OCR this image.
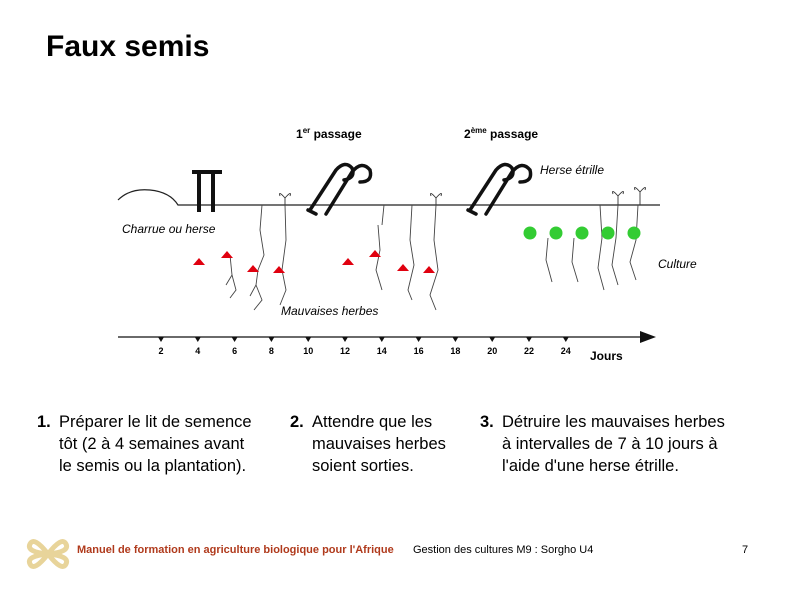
Faux semis
1er passage	2ème passage
Herse étrille
Charrue ou herse
Culture
Mauvaises herbes
2	4	6	8	10	12	14	16	18	20	22	24 Jours
1. Préparer le lit de semence

tôt (2 à 4 semaines avant
le semis ou la plantation).
2. Attendre que les

mauvaises herbes
soient sorties.
3. Détruire les mauvaises herbes

à intervalles de 7 à 10 jours à
l'aide d'une herse étrille.
Manuel de formation en agriculture biologique pour l'Afrique Gestion des cultures M9 : Sorgho U4	7
